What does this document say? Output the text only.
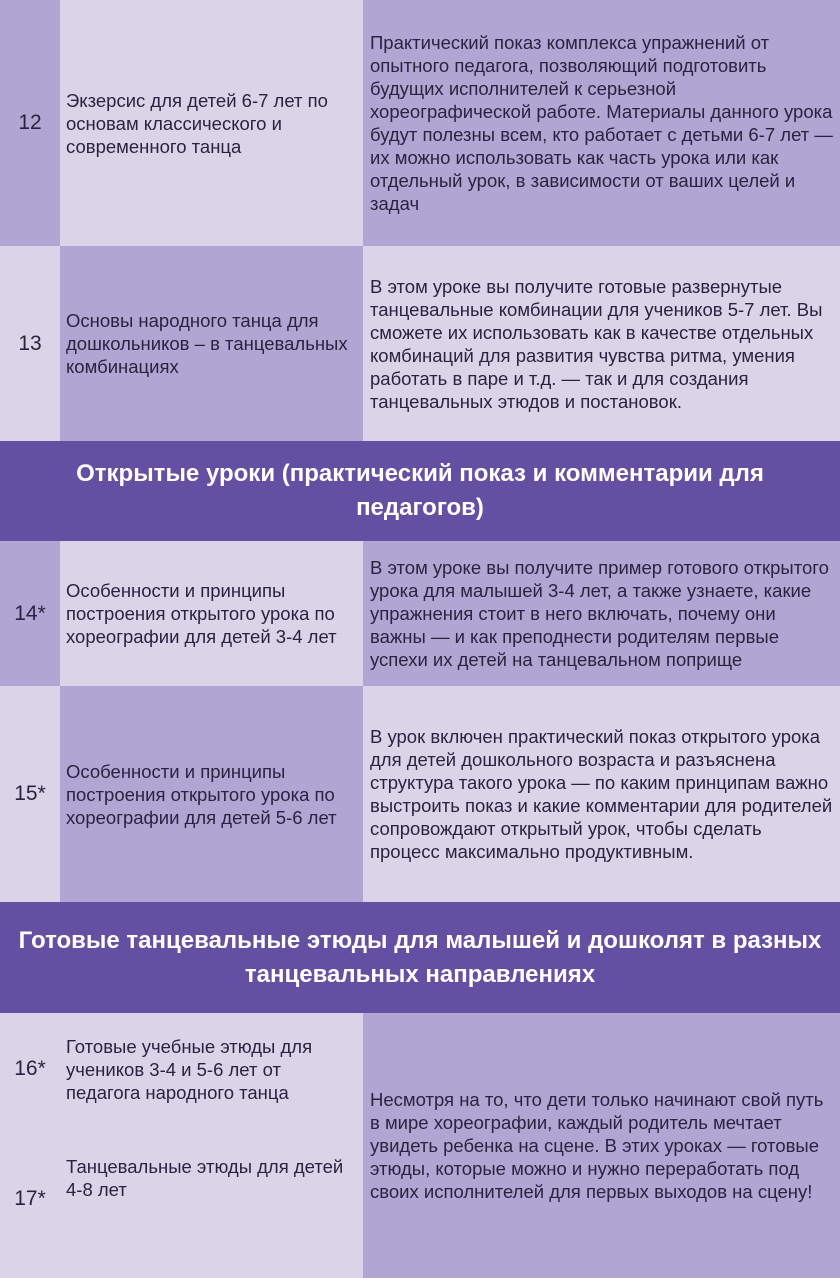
12
Экзерсис для детей 6-7 лет по основам классического и современного танца
Практический показ комплекса упражнений от опытного педагога, позволяющий подготовить будущих исполнителей к серьезной хореографической работе. Материалы данного урока будут полезны всем, кто работает с детьми 6-7 лет — их можно использовать как часть урока или как отдельный урок, в зависимости от ваших целей и задач
13
Основы народного танца для дошкольников – в танцевальных комбинациях
В этом уроке вы получите готовые развернутые танцевальные комбинации для учеников 5-7 лет. Вы сможете их использовать как в качестве отдельных комбинаций для развития чувства ритма, умения работать в паре и т.д. — так и для создания танцевальных этюдов и постановок.
Открытые уроки (практический показ и комментарии для педагогов)
14*
Особенности и принципы построения открытого урока по хореографии для детей 3-4 лет
В этом уроке вы получите пример готового открытого урока для малышей 3-4 лет, а также узнаете, какие упражнения стоит в него включать, почему они важны — и как преподнести родителям первые успехи их детей на танцевальном поприще
15*
Особенности и принципы построения открытого урока по хореографии для детей 5-6 лет
В урок включен практический показ открытого урока для детей дошкольного возраста и разъяснена структура такого урока — по каким принципам важно выстроить показ и какие комментарии для родителей сопровождают открытый урок, чтобы сделать процесс максимально продуктивным.
Готовые танцевальные этюды для малышей и дошколят в разных танцевальных направлениях
16*
17*
Готовые учебные этюды для учеников 3-4 и 5-6 лет от педагога народного танца
Танцевальные этюды для детей 4-8 лет
Несмотря на то, что дети только начинают свой путь в мире хореографии, каждый родитель мечтает увидеть ребенка на сцене. В этих уроках — готовые этюды, которые можно и нужно переработать под своих исполнителей для первых выходов на сцену!
